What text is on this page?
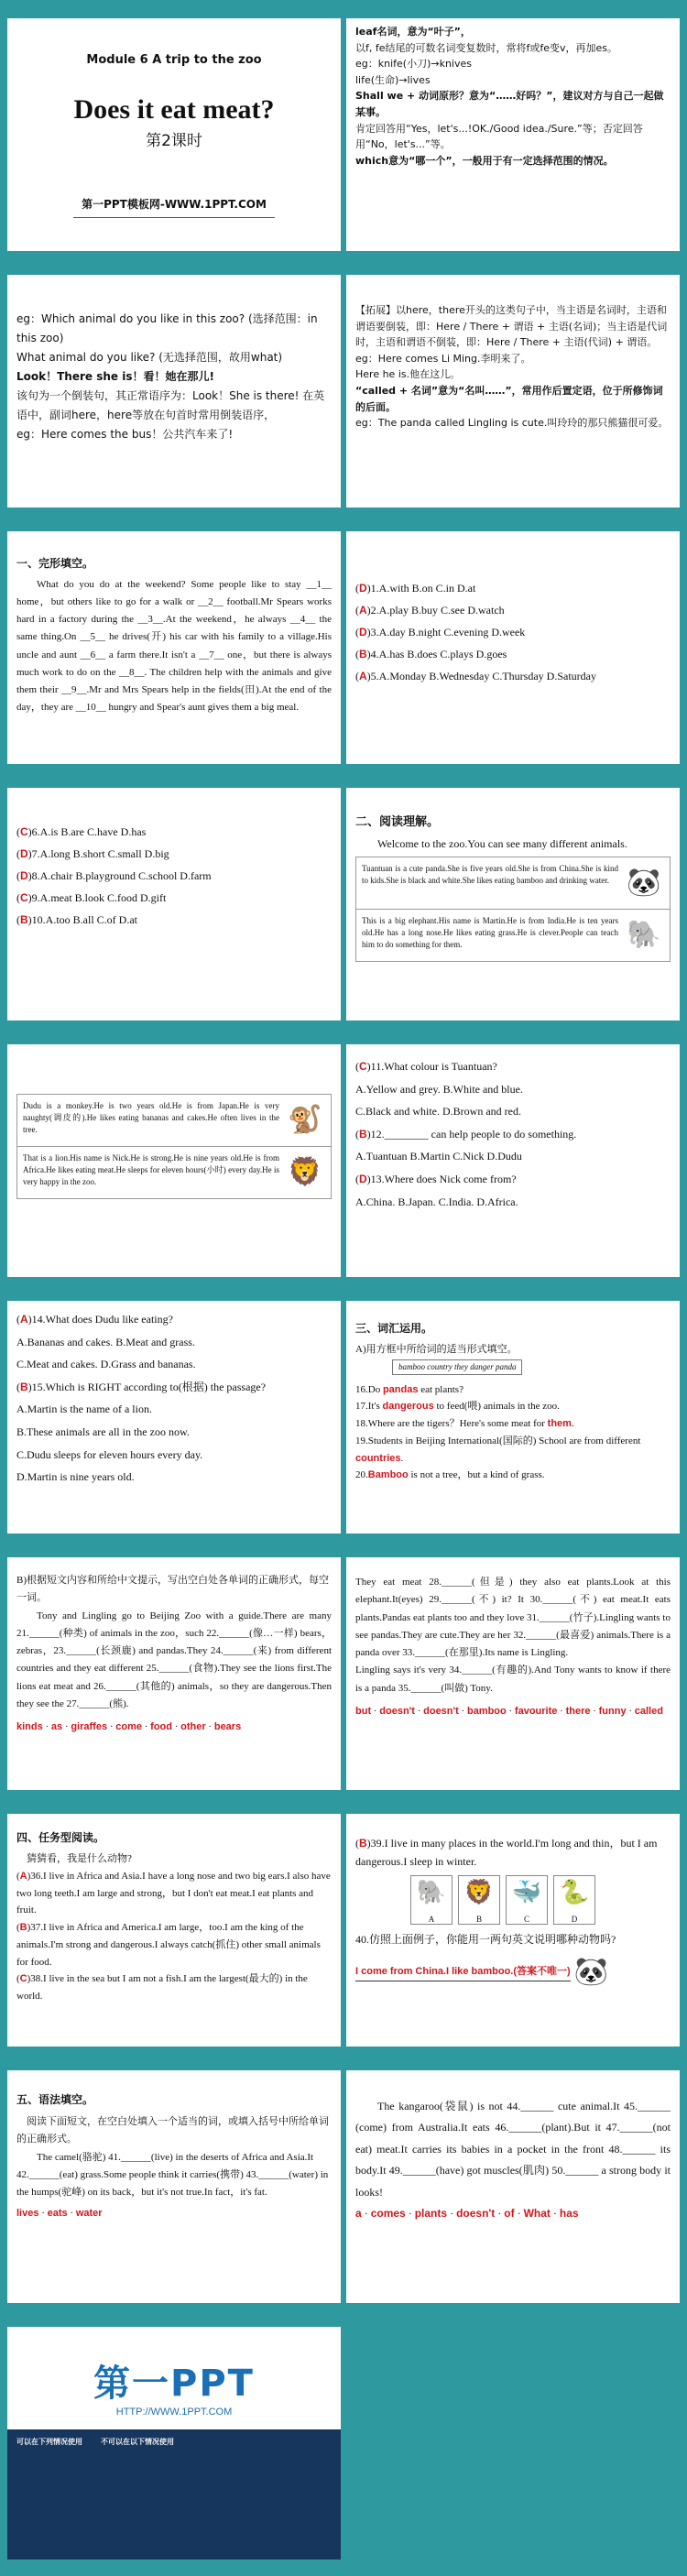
Module 6 A trip to the zoo
Does it eat meat?
第2课时
第一PPT模板网-WWW.1PPT.COM
leaf名词，意为“叶子”，
以f, fe结尾的可数名词变复数时，常将f或fe变v，再加es。
eg：knife(小刀)→knives
life(生命)→lives
Shall we + 动词原形？意为“……好吗？”，建议对方与自己一起做某事。
肯定回答用“Yes，let's...!OK./Good idea./Sure.”等；否定回答用“No，let's...”等。
which意为“哪一个”，一般用于有一定选择范围的情况。
eg：Which animal do you like in this zoo? (选择范围：in this zoo)
What animal do you like? (无选择范围，故用what)
Look！There she is！看！她在那儿!
该句为一个倒装句，其正常语序为：Look！She is there! 在英语中，副词here，here等放在句首时常用倒装语序，
eg：Here comes the bus！公共汽车来了!
【拓展】以here，there开头的这类句子中，当主语是名词时，主语和谓语要倒装，即：Here / There + 谓语 + 主语(名词)；当主语是代词时，主语和谓语不倒装，即：Here / There + 主语(代词) + 谓语。
eg：Here comes Li Ming.李明来了。
Here he is.他在这儿。
“called + 名词”意为“名叫……”，常用作后置定语，位于所修饰词的后面。
eg：The panda called Lingling is cute.叫玲玲的那只熊猫很可爱。
一、完形填空。
What do you do at the weekend? Some people like to stay __1__ home，but others like to go for a walk or __2__ football.Mr Spears works hard in a factory during the __3__.At the weekend，he always __4__ the same thing.On __5__ he drives(开) his car with his family to a village.His uncle and aunt __6__ a farm there.It isn't a __7__ one，but there is always much work to do on the __8__. The children help with the animals and give them their __9__.Mr and Mrs Spears help in the fields(田).At the end of the day，they are __10__ hungry and Spear's aunt gives them a big meal.
(D)1.A.with B.on C.in D.at
(A)2.A.play B.buy C.see D.watch
(D)3.A.day B.night C.evening D.week
(B)4.A.has B.does C.plays D.goes
(A)5.A.Monday B.Wednesday C.Thursday D.Saturday
(C)6.A.is B.are C.have D.has
(D)7.A.long B.short C.small D.big
(D)8.A.chair B.playground C.school D.farm
(C)9.A.meat B.look C.food D.gift
(B)10.A.too B.all C.of D.at
二、阅读理解。
Welcome to the zoo.You can see many different animals.
Tuantuan is a cute panda.She is five years old.She is from China.She is kind to kids.She is black and white.She likes eating bamboo and drinking water. 🐼
This is a big elephant.His name is Martin.He is from India.He is ten years old.He has a long nose.He likes eating grass.He is clever.People can teach him to do something for them.	🐘
Dudu is a monkey.He is two years old.He is from Japan.He is very naughty(调皮的).He likes eating bananas and cakes.He often lives in the tree.	🐒
That is a lion.His name is Nick.He is strong.He is nine years old.He is from Africa.He likes eating meat.He sleeps for eleven hours(小时) every day.He is very happy in the zoo.	🦁
(C)11.What colour is Tuantuan?
A.Yellow and grey. B.White and blue.
C.Black and white. D.Brown and red.
(B)12.________ can help people to do something.
A.Tuantuan B.Martin C.Nick D.Dudu
(D)13.Where does Nick come from?
A.China. B.Japan. C.India. D.Africa.
(A)14.What does Dudu like eating?
A.Bananas and cakes. B.Meat and grass.
C.Meat and cakes. D.Grass and bananas.
(B)15.Which is RIGHT according to(根据) the passage?
A.Martin is the name of a lion.
B.These animals are all in the zoo now.
C.Dudu sleeps for eleven hours every day.
D.Martin is nine years old.
三、词汇运用。
A)用方框中所给词的适当形式填空。
bamboo country they danger panda
16.Do pandas eat plants?
17.It's dangerous to feed(喂) animals in the zoo.
18.Where are the tigers？Here's some meat for them.
19.Students in Beijing International(国际的) School are from different countries.
20.Bamboo is not a tree，but a kind of grass.
B)根据短文内容和所给中文提示，写出空白处各单词的正确形式，每空一词。
Tony and Lingling go to Beijing Zoo with a guide.There are many 21.______(种类) of animals in the zoo，such 22.______(像…一样) bears，zebras，23.______(长颈鹿) and pandas.They 24.______(来) from different countries and they eat different 25.______(食物).They see the lions first.The lions eat meat and 26.______(其他的) animals，so they are dangerous.Then they see the 27.______(熊).
kinds · as · giraffes · come · food · other · bears
They eat meat 28.______(但是) they also eat plants.Look at this elephant.It(eyes) 29.______(不) it? It 30.______(不) eat meat.It eats plants.Pandas eat plants too and they love 31.______(竹子).Lingling wants to see pandas.They are cute.They are her 32.______(最喜爱) animals.There is a panda over 33.______(在那里).Its name is Lingling.
Lingling says it's very 34.______(有趣的).And Tony wants to know if there is a panda 35.______(叫做) Tony.
but · doesn't · doesn't · bamboo · favourite · there · funny · called
四、任务型阅读。
猜猜看，我是什么动物?
(A)36.I live in Africa and Asia.I have a long nose and two big ears.I also have two long teeth.I am large and strong，but I don't eat meat.I eat plants and fruit.
(B)37.I live in Africa and America.I am large，too.I am the king of the animals.I'm strong and dangerous.I always catch(抓住) other small animals for food.
(C)38.I live in the sea but I am not a fish.I am the largest(最大的) in the world.
(B)39.I live in many places in the world.I'm long and thin，but I am dangerous.I sleep in winter.
🐘
A
🦁
B
🐳
C
🐍
D
40.仿照上面例子，你能用一两句英文说明哪种动物吗?
I come from China.I like bamboo.(答案不唯一) 🐼
五、语法填空。
阅读下面短文，在空白处填入一个适当的词，或填入括号中所给单词的正确形式。
The camel(骆驼) 41.______(live) in the deserts of Africa and Asia.It 42.______(eat) grass.Some people think it carries(携带) 43.______(water) in the humps(驼峰) on its back，but it's not true.In fact，it's fat.
lives · eats · water
The kangaroo(袋鼠) is not 44.______ cute animal.It 45.______ (come) from Australia.It eats 46.______(plant).But it 47.______(not eat) meat.It carries its babies in a pocket in the front 48.______ its body.It 49.______(have) got muscles(肌肉) 50.______ a strong body it looks!
a · comes · plants · doesn't · of · What · has
第一PPT
HTTP://WWW.1PPT.COM
可以在下列情况使用	不可以在以下情况使用
